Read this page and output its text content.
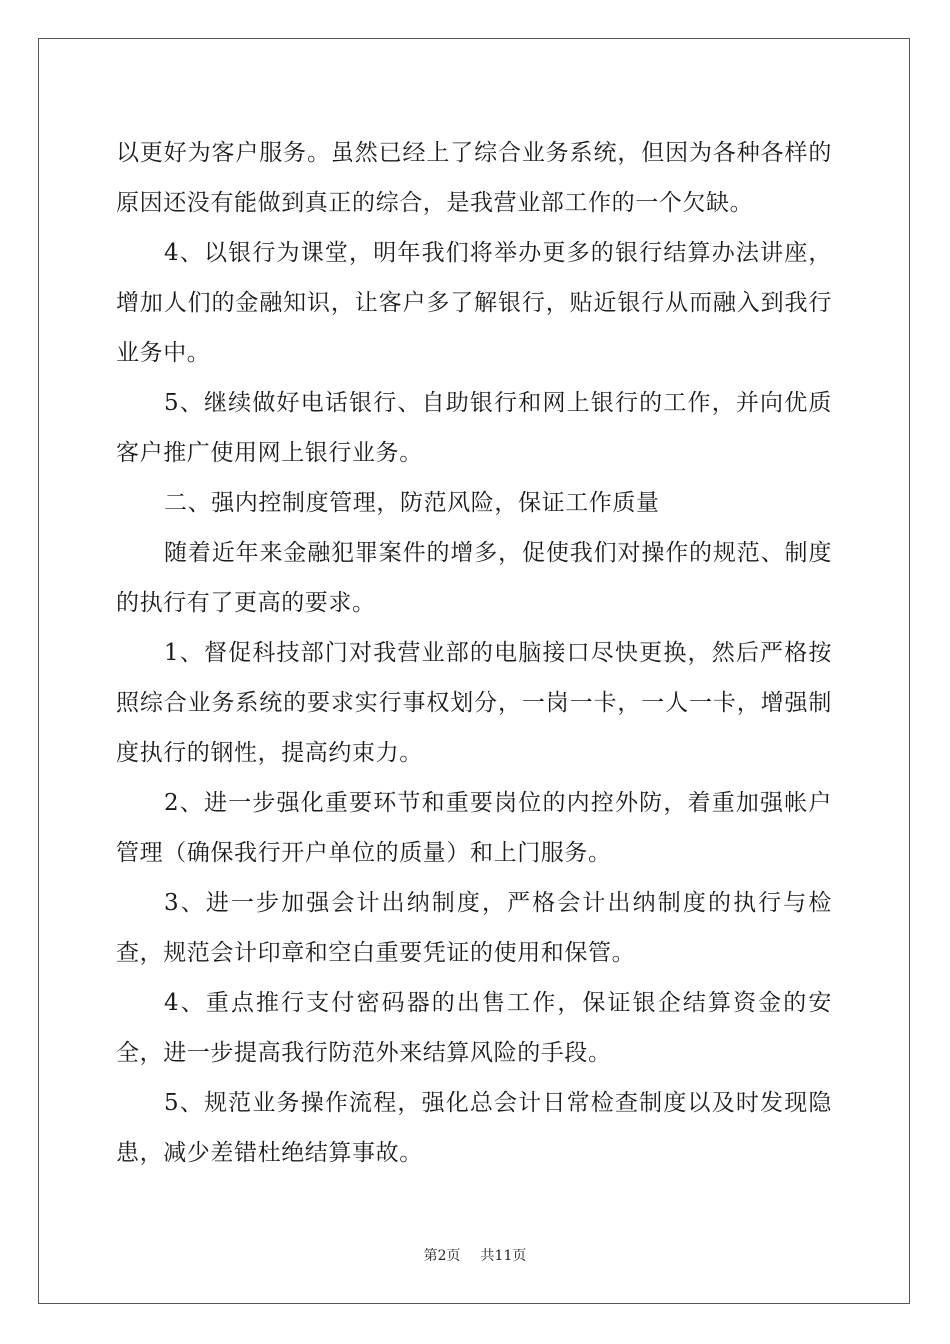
以更好为客户服务。虽然已经上了综合业务系统，但因为各种各样的原因还没有能做到真正的综合，是我营业部工作的一个欠缺。

4、以银行为课堂，明年我们将举办更多的银行结算办法讲座，增加人们的金融知识，让客户多了解银行，贴近银行从而融入到我行业务中。

5、继续做好电话银行、自助银行和网上银行的工作，并向优质客户推广使用网上银行业务。

二、强内控制度管理，防范风险，保证工作质量

随着近年来金融犯罪案件的增多，促使我们对操作的规范、制度的执行有了更高的要求。

1、督促科技部门对我营业部的电脑接口尽快更换，然后严格按照综合业务系统的要求实行事权划分，一岗一卡，一人一卡，增强制度执行的钢性，提高约束力。

2、进一步强化重要环节和重要岗位的内控外防，着重加强帐户管理（确保我行开户单位的质量）和上门服务。

3、进一步加强会计出纳制度，严格会计出纳制度的执行与检查，规范会计印章和空白重要凭证的使用和保管。

4、重点推行支付密码器的出售工作，保证银企结算资金的安全，进一步提高我行防范外来结算风险的手段。

5、规范业务操作流程，强化总会计日常检查制度以及时发现隐患，减少差错杜绝结算事故。

第2页 共11页
